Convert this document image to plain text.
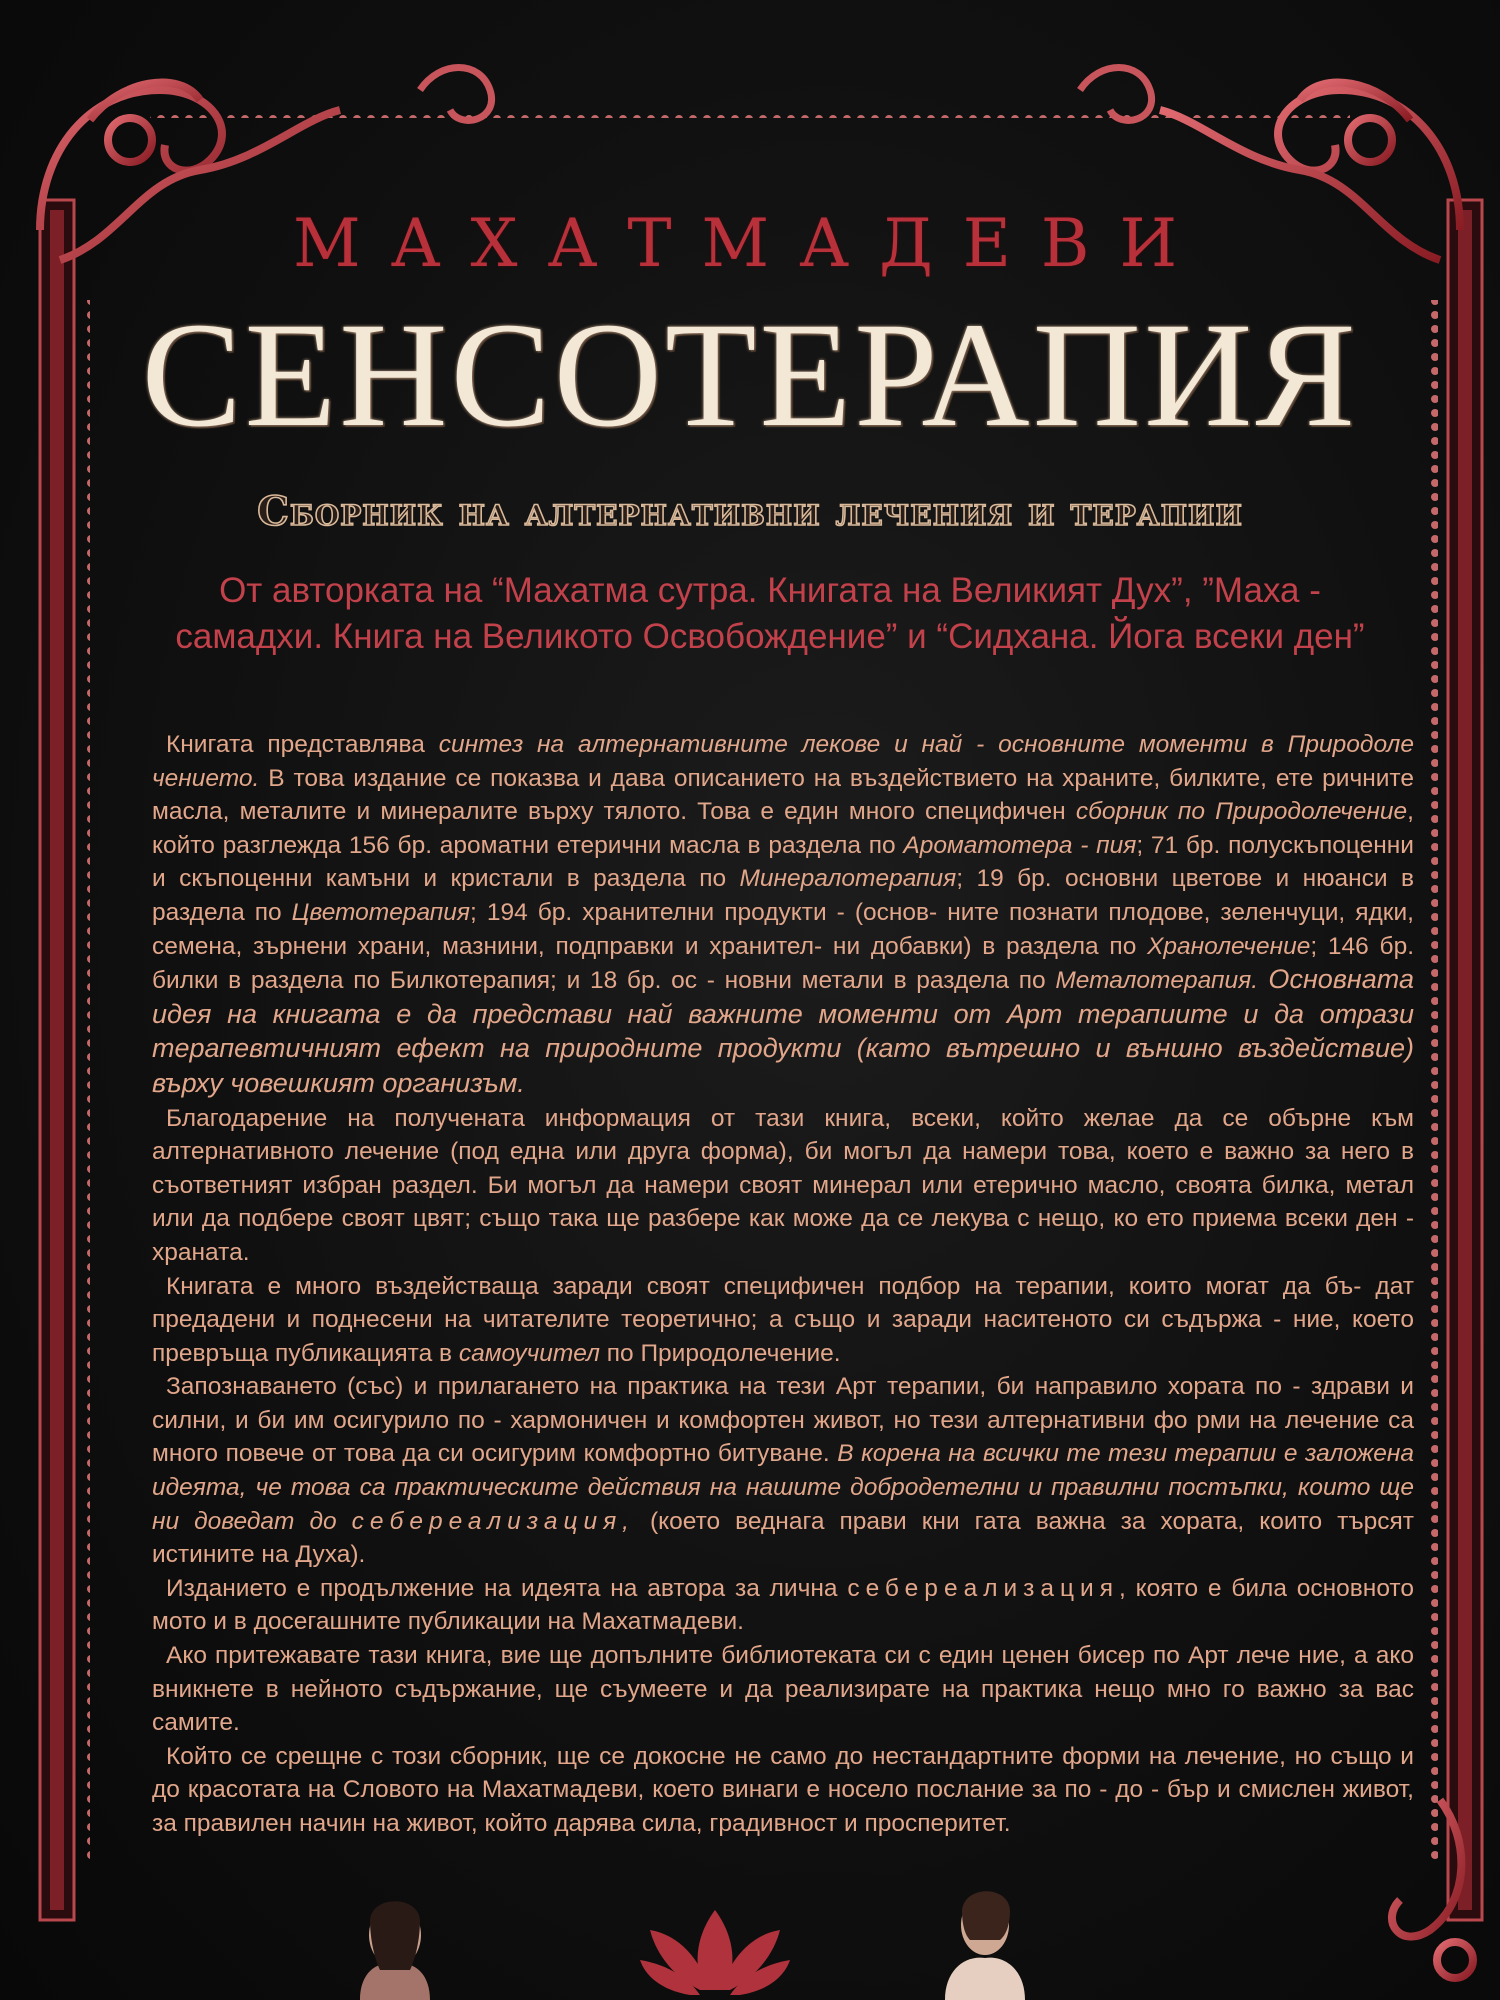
МАХАТМАДЕВИ
СЕНСОТЕРАПИЯ
Сборник на алтернативни лечения и терапии

От авторката на “Махатма сутра. Книгата на Великият Дух”, ”Маха - самадхи. Книга на Великото Освобождение” и “Сидхана. Йога всеки ден”

Книгата представлява синтез на алтернативните лекове и най - основните моменти в Природоле чението. В това издание се показва и дава описанието на въздействието на храните, билките, ете ричните масла, металите и минералите върху тялото. Това е един много специфичен сборник по Природолечение, който разглежда 156 бр. ароматни етерични масла в раздела по Ароматотера - пия; 71 бр. полускъпоценни и скъпоценни камъни и кристали в раздела по Минералотерапия; 19 бр. основни цветове и нюанси в раздела по Цветотерапия; 194 бр. хранителни продукти - (основ- ните познати плодове, зеленчуци, ядки, семена, зърнени храни, мазнини, подправки и хранител- ни добавки) в раздела по Хранолечение; 146 бр. билки в раздела по Билкотерапия; и 18 бр. ос - новни метали в раздела по Металотерапия. Основната идея на книгата е да представи най важните моменти от Арт терапиите и да отрази терапевтичният ефект на природните продукти (като вътрешно и външно въздействие) върху човешкият организъм.

Благодарение на получената информация от тази книга, всеки, който желае да се обърне към алтернативното лечение (под една или друга форма), би могъл да намери това, което е важно за него в съответният избран раздел. Би могъл да намери своят минерал или етерично масло, своята билка, метал или да подбере своят цвят; също така ще разбере как може да се лекува с нещо, ко ето приема всеки ден - храната.

Книгата е много въздействаща заради своят специфичен подбор на терапии, които могат да бъ- дат предадени и поднесени на читателите теоретично; а също и заради наситеното си съдържа - ние, което превръща публикацията в самоучител по Природолечение.

Запознаването (със) и прилагането на практика на тези Арт терапии, би направило хората по - здрави и силни, и би им осигурило по - хармоничен и комфортен живот, но тези алтернативни фо рми на лечение са много повече от това да си осигурим комфортно битуване. В корена на всички те тези терапии е заложена идеята, че това са практическите действия на нашите добродетелни и правилни постъпки, които ще ни доведат до себереализация, (което веднага прави кни гата важна за хората, които търсят истините на Духа).

Изданието е продължение на идеята на автора за лична себереализация, която е била основното мото и в досегашните публикации на Махатмадеви.

Ако притежавате тази книга, вие ще допълните библиотеката си с един ценен бисер по Арт лече ние, а ако вникнете в нейното съдържание, ще съумеете и да реализирате на практика нещо мно го важно за вас самите.

Който се срещне с този сборник, ще се докосне не само до нестандартните форми на лечение, но също и до красотата на Словото на Махатмадеви, което винаги е носело послание за по - до - бър и смислен живот, за правилен начин на живот, който дарява сила, градивност и просперитет.
